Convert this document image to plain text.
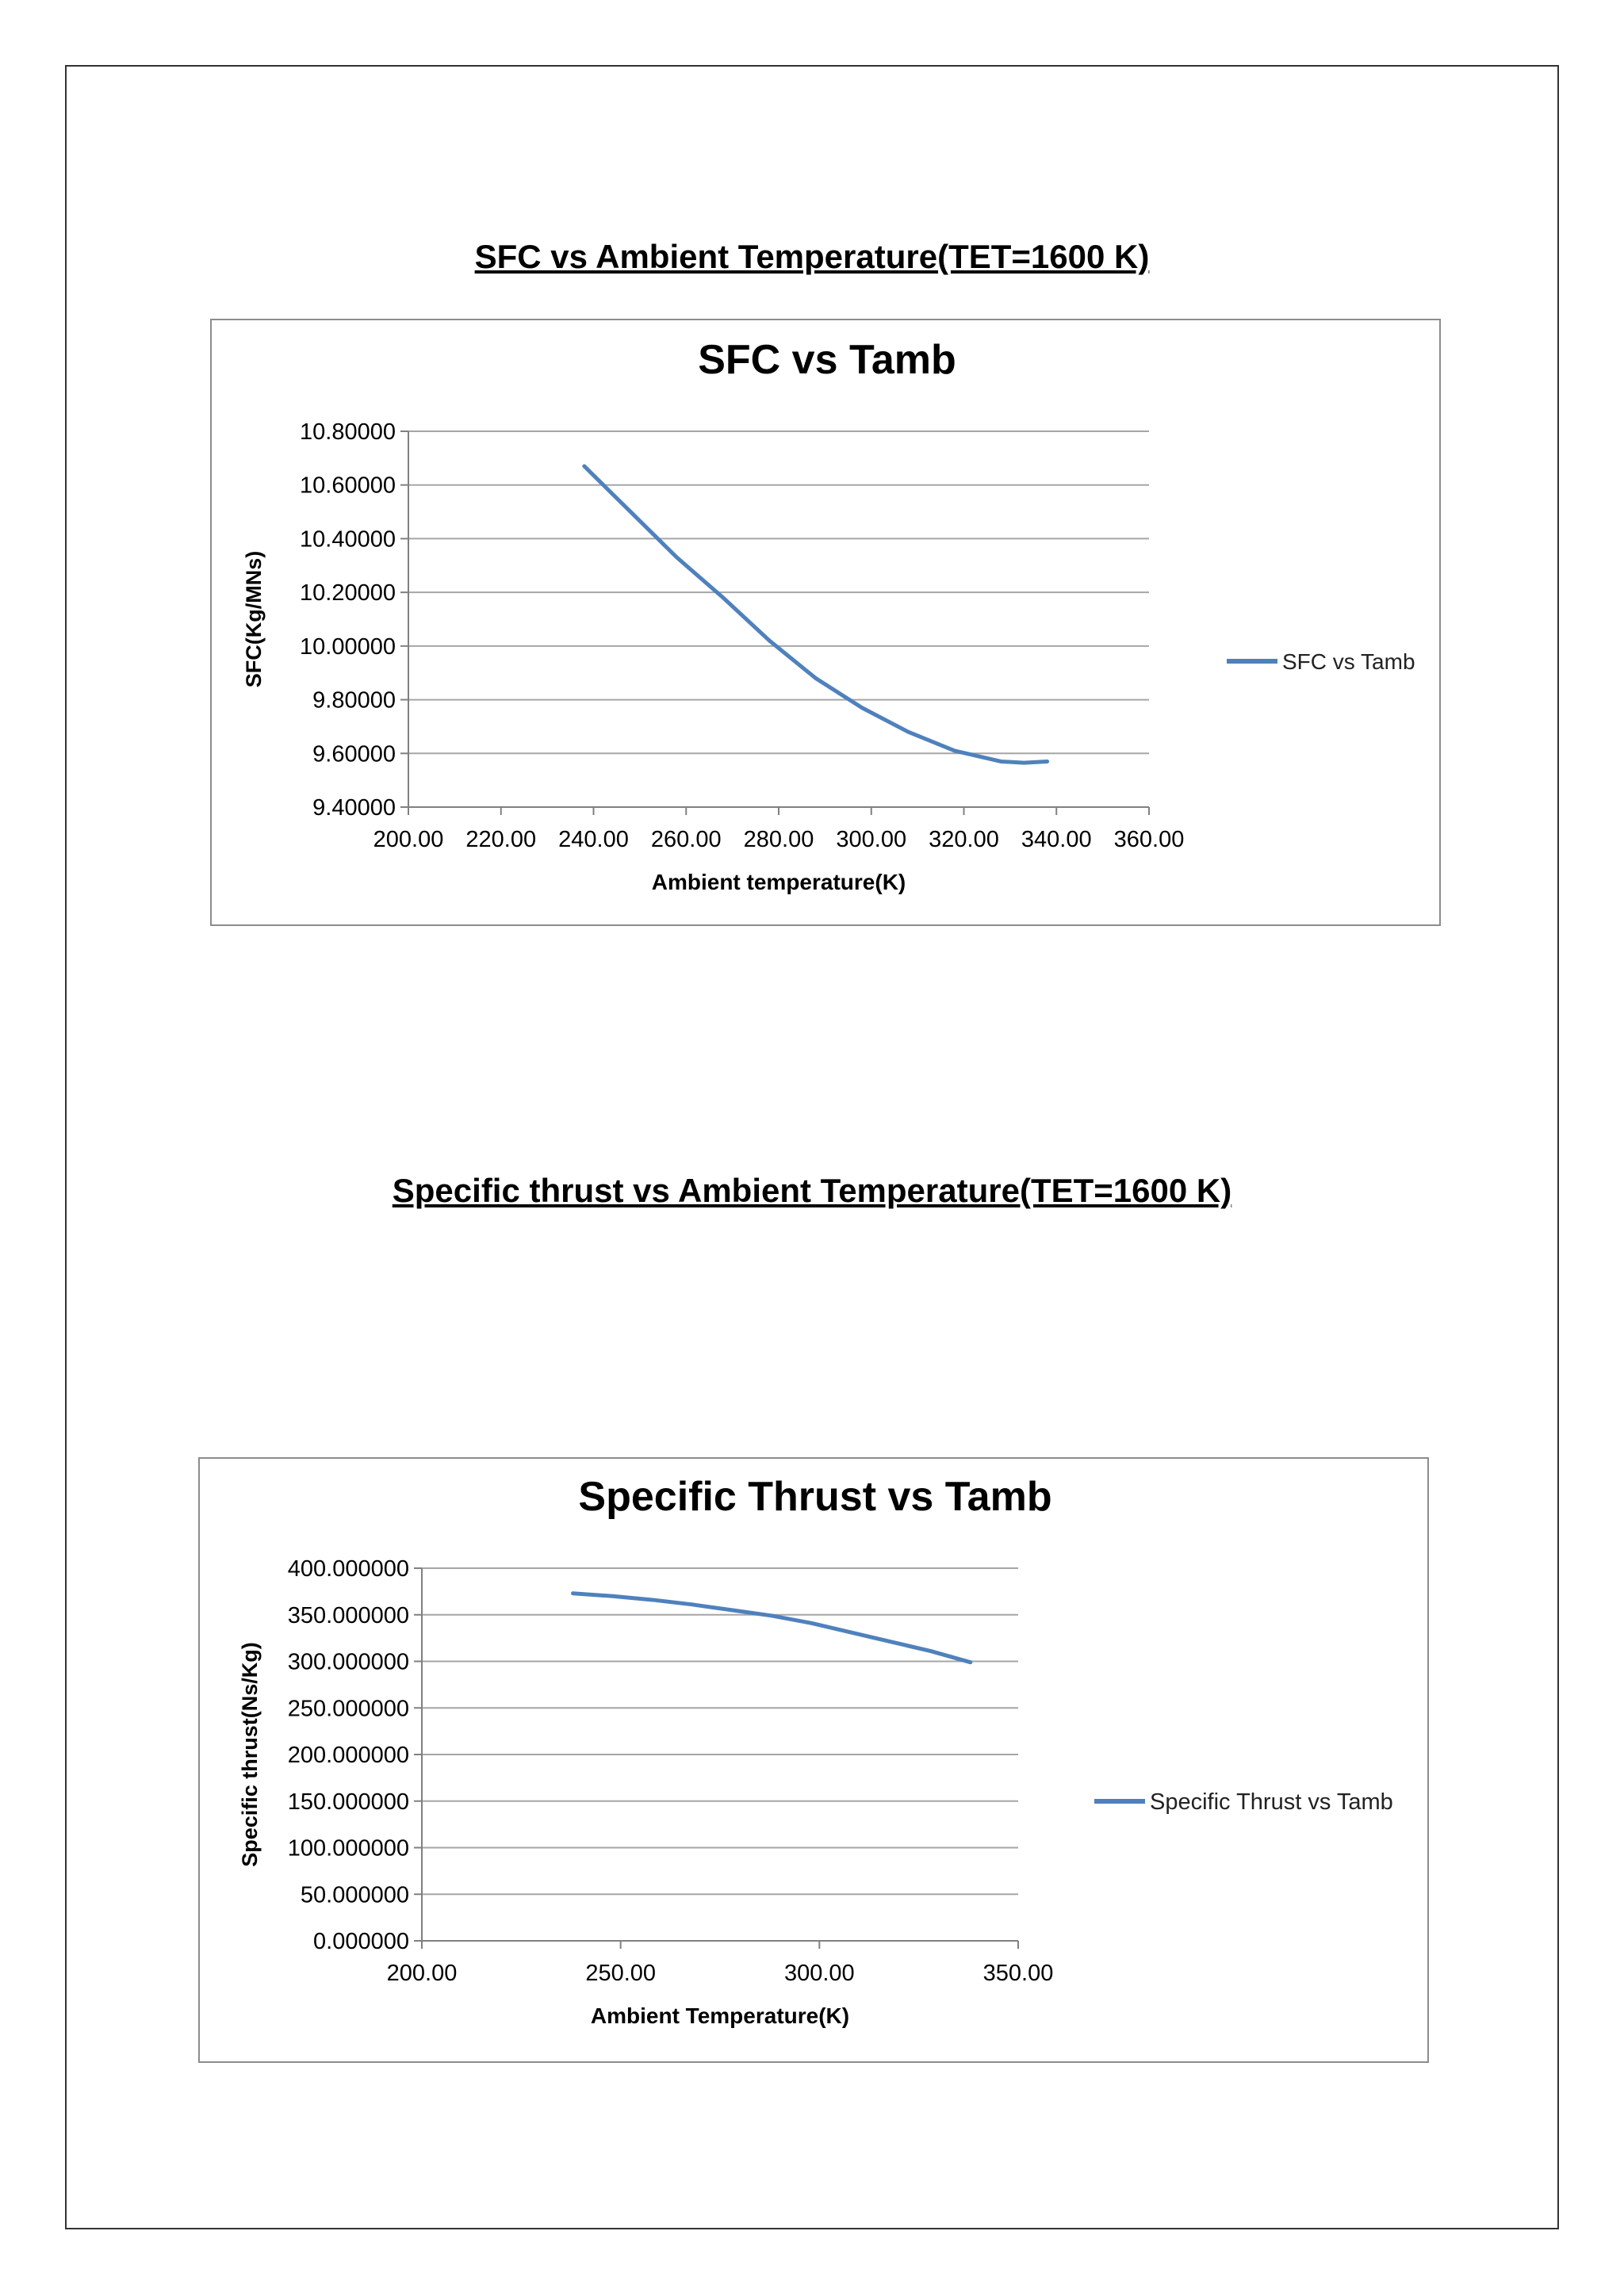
SFC vs Ambient Temperature(TET=1600 K)
SFC vs Tamb
9.40000
9.60000
9.80000
10.00000
10.20000
10.40000
10.60000
10.80000
200.00 220.00 240.00 260.00 280.00 300.00 320.00 340.00 360.00
Ambient temperature(K)
SFC(Kg/MNs)	SFC vs Tamb
Specific thrust vs Ambient Temperature(TET=1600 K)
Specific Thrust vs Tamb
0.000000
50.000000
100.000000
150.000000
200.000000
250.000000
300.000000
350.000000
400.000000
200.00	250.00	300.00	350.00
Ambient Temperature(K)
Specific thrust(Ns/Kg)	Specific Thrust vs Tamb
